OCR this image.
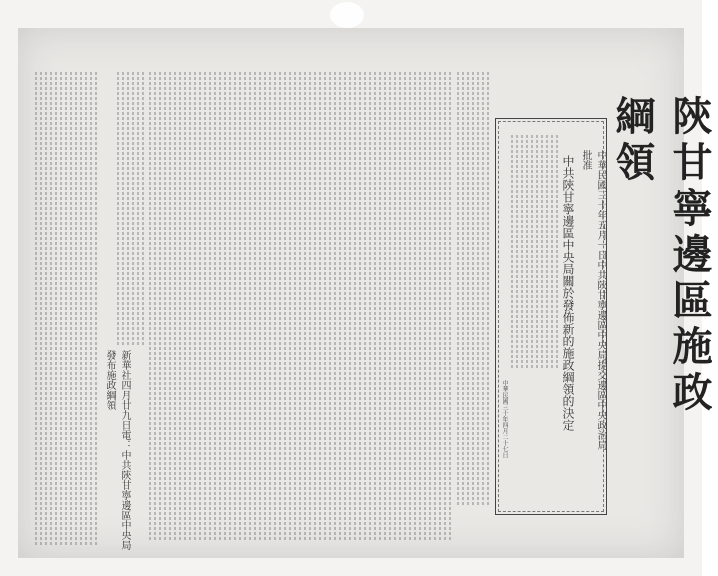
陝甘寧邊區施政綱領
中華民國三十年五月一日中共陝甘寧邊區中央局提交邊區中央政治局批准
中共陝甘寧邊區中央局關於發佈新的施政綱領的決定
中華民國三十年四月二十七日
新華社四月廿九日電：中共陝甘寧邊區中央局發布施政綱領
